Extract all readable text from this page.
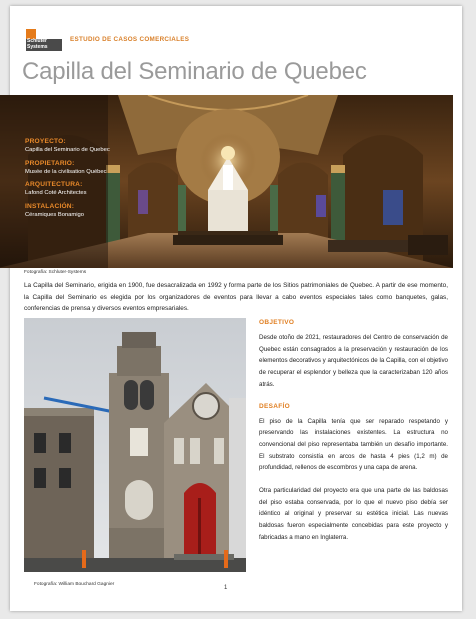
Schluter
Systems
ESTUDIO DE CASOS COMERCIALES
Capilla del Seminario de Quebec

PROYECTO:

Capilla del Seminario de Quebec

PROPIETARIO:

Musée de la civilisation Québec

ARQUITECTURA:

Lafond Coté Architectes

INSTALACIÓN:

Céramiques Bonamigo

Fotografía: Schluter-Systems

La Capilla del Seminario, erigida en 1900, fue desacralizada en 1992 y forma parte de los Sitios patrimoniales de Quebec. A partir de ese momento, la Capilla del Seminario es elegida por los organizadores de eventos para llevar a cabo eventos especiales tales como banquetes, galas, conferencias de prensa y diversos eventos empresariales.

Fotografía: William Bouchard Gagnier

OBJETIVO

Desde otoño de 2021, restauradores del Centro de conservación de Quebec están consagrados a la preservación y restauración de los elementos decorativos y arquitectónicos de la Capilla, con el objetivo de recuperar el esplendor y belleza que la caracterizaban 120 años atrás.

DESAFÍO

El piso de la Capilla tenía que ser reparado respetando y preservando las instalaciones existentes. La estructura no convencional del piso representaba también un desafío importante. El substrato consistía en arcos de hasta 4 pies (1,2 m) de profundidad, rellenos de escombros y una capa de arena.

Otra particularidad del proyecto era que una parte de las baldosas del piso estaba conservada, por lo que el nuevo piso debía ser idéntico al original y preservar su estética inicial. Las nuevas baldosas fueron especialmente concebidas para este proyecto y fabricadas a mano en Inglaterra.

1
